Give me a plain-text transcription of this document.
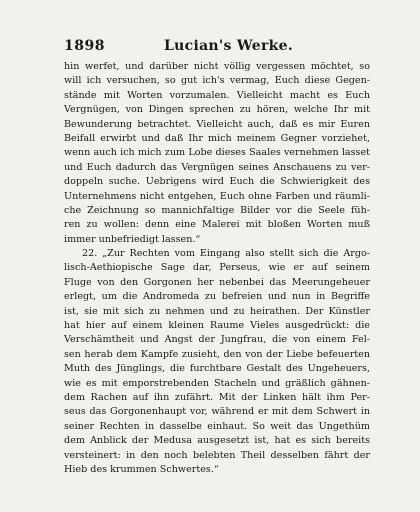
1898	Lucian's Werke.
hin werfet, und darüber nicht völlig vergessen möchtet, so
will ich versuchen, so gut ich's vermag, Euch diese Gegen-
stände mit Worten vorzumalen. Vielleicht macht es Euch
Vergnügen, von Dingen sprechen zu hören, welche Ihr mit
Bewunderung betrachtet. Vielleicht auch, daß es mir Euren
Beifall erwirbt und daß Ihr mich meinem Gegner vorziehet,
wenn auch ich mich zum Lobe dieses Saales vernehmen lasset
und Euch dadurch das Vergnügen seines Anschauens zu ver-
doppeln suche. Uebrigens wird Euch die Schwierigkeit des
Unternehmens nicht entgehen, Euch ohne Farben und räumli-
che Zeichnung so mannichfaltige Bilder vor die Seele füh-
ren zu wollen: denn eine Malerei mit bloßen Worten muß
immer unbefriedigt lassen.“
22. „Zur Rechten vom Eingang also stellt sich die Argo-
lisch-Aethiopische Sage dar, Perseus, wie er auf seinem
Fluge von den Gorgonen her nebenbei das Meerungeheuer
erlegt, um die Andromeda zu befreien und nun in Begriffe
ist, sie mit sich zu nehmen und zu heirathen. Der Künstler
hat hier auf einem kleinen Raume Vieles ausgedrückt: die
Verschämtheit und Angst der Jungfrau, die von einem Fel-
sen herab dem Kampfe zusieht, den von der Liebe befeuerten
Muth des Jünglings, die furchtbare Gestalt des Ungeheuers,
wie es mit emporstrebenden Stacheln und gräßlich gähnen-
dem Rachen auf ihn zufährt. Mit der Linken hält ihm Per-
seus das Gorgonenhaupt vor, während er mit dem Schwert in
seiner Rechten in dasselbe einhaut. So weit das Ungethüm
dem Anblick der Medusa ausgesetzt ist, hat es sich bereits
versteinert: in den noch belebten Theil desselben fährt der
Hieb des krummen Schwertes.“
